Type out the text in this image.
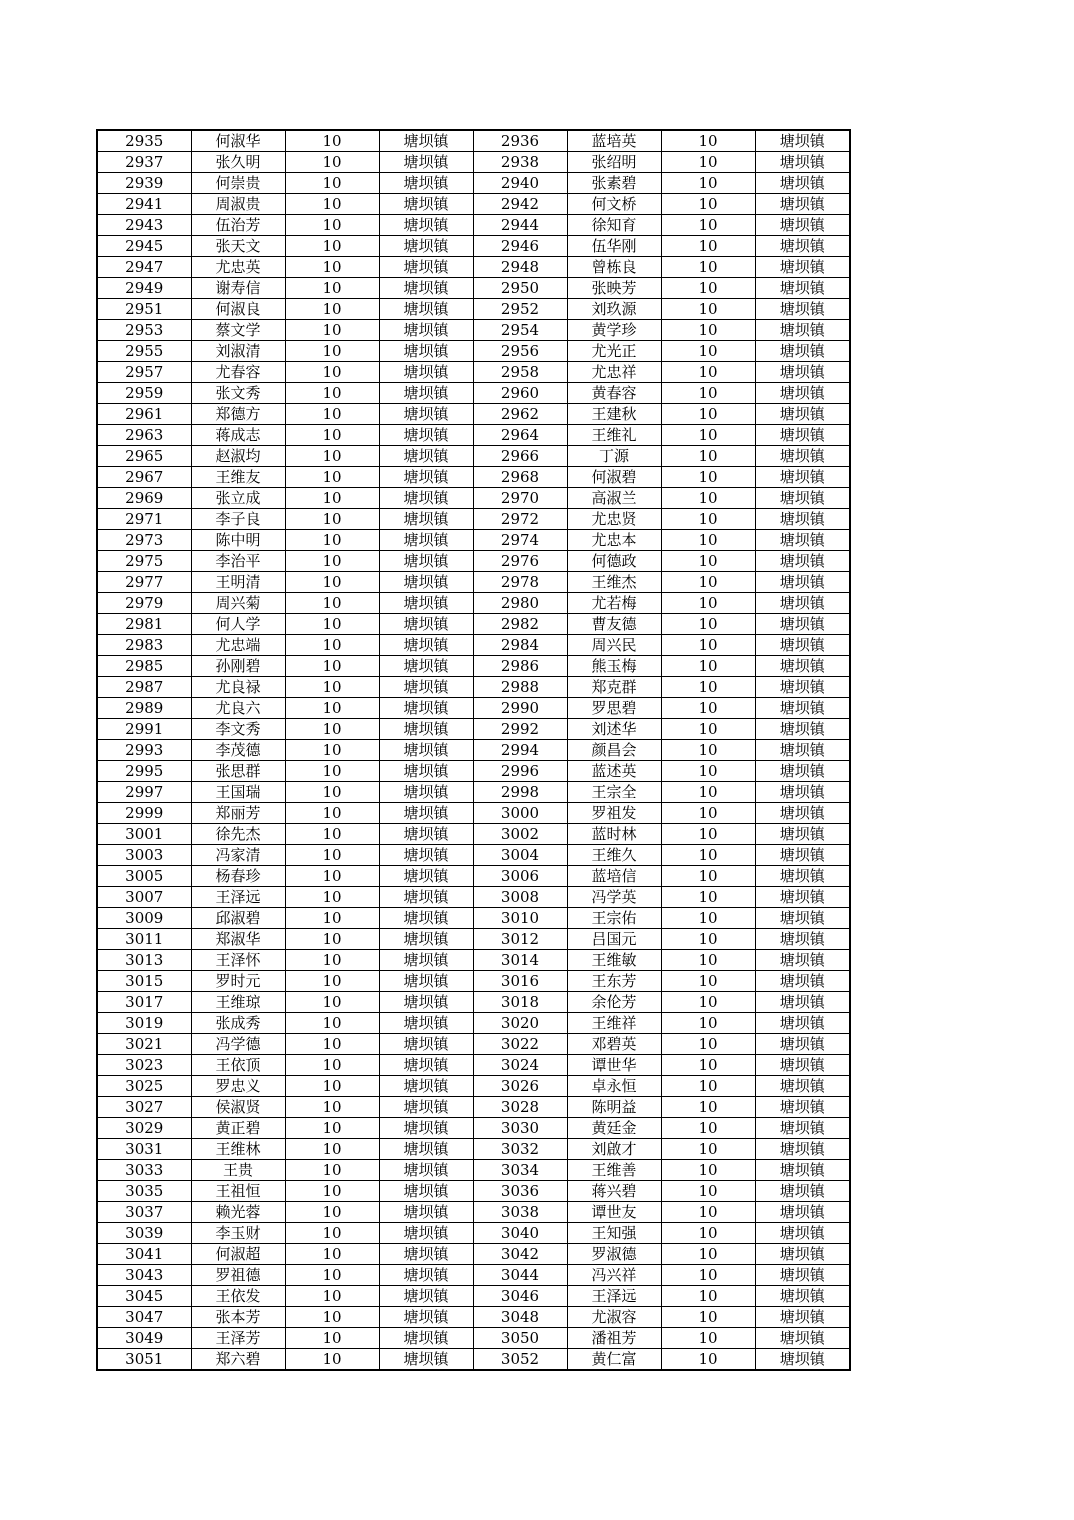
2935	何淑华	10	塘坝镇	2936	蓝培英	10	塘坝镇
2937	张久明	10	塘坝镇	2938	张绍明	10	塘坝镇
2939	何崇贵	10	塘坝镇	2940	张素碧	10	塘坝镇
2941	周淑贵	10	塘坝镇	2942	何文桥	10	塘坝镇
2943	伍治芳	10	塘坝镇	2944	徐知育	10	塘坝镇
2945	张天文	10	塘坝镇	2946	伍华刚	10	塘坝镇
2947	尤忠英	10	塘坝镇	2948	曾栋良	10	塘坝镇
2949	谢寿信	10	塘坝镇	2950	张映芳	10	塘坝镇
2951	何淑良	10	塘坝镇	2952	刘玖源	10	塘坝镇
2953	蔡文学	10	塘坝镇	2954	黄学珍	10	塘坝镇
2955	刘淑清	10	塘坝镇	2956	尤光正	10	塘坝镇
2957	尤春容	10	塘坝镇	2958	尤忠祥	10	塘坝镇
2959	张文秀	10	塘坝镇	2960	黄春容	10	塘坝镇
2961	郑德方	10	塘坝镇	2962	王建秋	10	塘坝镇
2963	蒋成志	10	塘坝镇	2964	王维礼	10	塘坝镇
2965	赵淑均	10	塘坝镇	2966	丁源	10	塘坝镇
2967	王维友	10	塘坝镇	2968	何淑碧	10	塘坝镇
2969	张立成	10	塘坝镇	2970	高淑兰	10	塘坝镇
2971	李子良	10	塘坝镇	2972	尤忠贤	10	塘坝镇
2973	陈中明	10	塘坝镇	2974	尤忠本	10	塘坝镇
2975	李治平	10	塘坝镇	2976	何德政	10	塘坝镇
2977	王明清	10	塘坝镇	2978	王维杰	10	塘坝镇
2979	周兴菊	10	塘坝镇	2980	尤若梅	10	塘坝镇
2981	何人学	10	塘坝镇	2982	曹友德	10	塘坝镇
2983	尤忠端	10	塘坝镇	2984	周兴民	10	塘坝镇
2985	孙刚碧	10	塘坝镇	2986	熊玉梅	10	塘坝镇
2987	尤良禄	10	塘坝镇	2988	郑克群	10	塘坝镇
2989	尤良六	10	塘坝镇	2990	罗思碧	10	塘坝镇
2991	李文秀	10	塘坝镇	2992	刘述华	10	塘坝镇
2993	李茂德	10	塘坝镇	2994	颜昌会	10	塘坝镇
2995	张思群	10	塘坝镇	2996	蓝述英	10	塘坝镇
2997	王国瑞	10	塘坝镇	2998	王宗全	10	塘坝镇
2999	郑丽芳	10	塘坝镇	3000	罗祖发	10	塘坝镇
3001	徐先杰	10	塘坝镇	3002	蓝时林	10	塘坝镇
3003	冯家清	10	塘坝镇	3004	王维久	10	塘坝镇
3005	杨春珍	10	塘坝镇	3006	蓝培信	10	塘坝镇
3007	王泽远	10	塘坝镇	3008	冯学英	10	塘坝镇
3009	邱淑碧	10	塘坝镇	3010	王宗佑	10	塘坝镇
3011	郑淑华	10	塘坝镇	3012	吕国元	10	塘坝镇
3013	王泽怀	10	塘坝镇	3014	王维敏	10	塘坝镇
3015	罗时元	10	塘坝镇	3016	王东芳	10	塘坝镇
3017	王维琼	10	塘坝镇	3018	余伦芳	10	塘坝镇
3019	张成秀	10	塘坝镇	3020	王维祥	10	塘坝镇
3021	冯学德	10	塘坝镇	3022	邓碧英	10	塘坝镇
3023	王依顶	10	塘坝镇	3024	谭世华	10	塘坝镇
3025	罗忠义	10	塘坝镇	3026	卓永恒	10	塘坝镇
3027	侯淑贤	10	塘坝镇	3028	陈明益	10	塘坝镇
3029	黄正碧	10	塘坝镇	3030	黄廷金	10	塘坝镇
3031	王维林	10	塘坝镇	3032	刘啟才	10	塘坝镇
3033	王贵	10	塘坝镇	3034	王维善	10	塘坝镇
3035	王祖恒	10	塘坝镇	3036	蒋兴碧	10	塘坝镇
3037	赖光蓉	10	塘坝镇	3038	谭世友	10	塘坝镇
3039	李玉财	10	塘坝镇	3040	王知强	10	塘坝镇
3041	何淑超	10	塘坝镇	3042	罗淑德	10	塘坝镇
3043	罗祖德	10	塘坝镇	3044	冯兴祥	10	塘坝镇
3045	王依发	10	塘坝镇	3046	王泽远	10	塘坝镇
3047	张本芳	10	塘坝镇	3048	尤淑容	10	塘坝镇
3049	王泽芳	10	塘坝镇	3050	潘祖芳	10	塘坝镇
3051	郑六碧	10	塘坝镇	3052	黄仁富	10	塘坝镇
